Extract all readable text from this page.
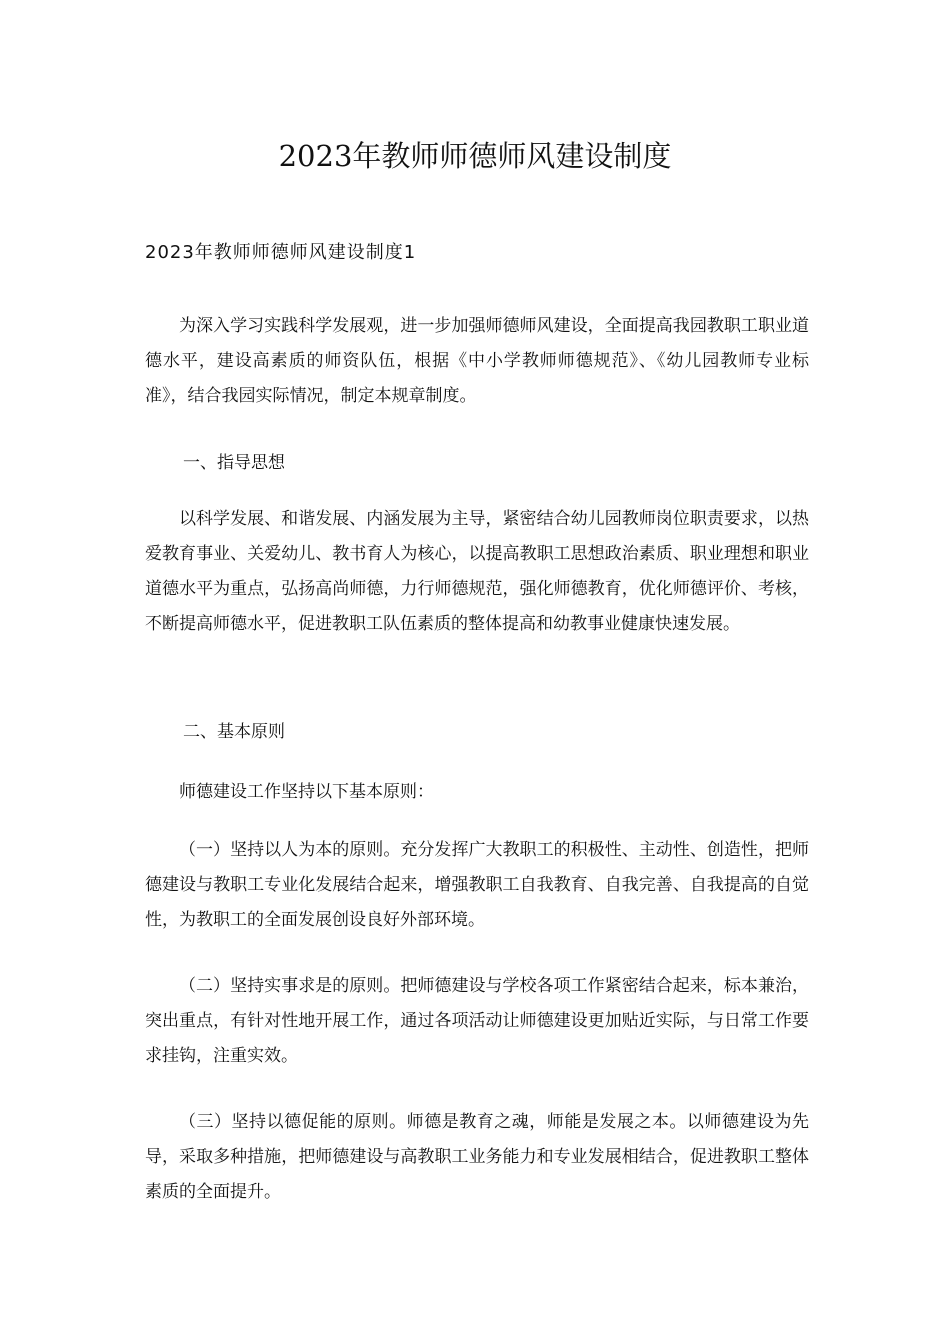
2023年教师师德师风建设制度
2023年教师师德师风建设制度1

为深入学习实践科学发展观，进一步加强师德师风建设，全面提高我园教职工职业道德水平，建设高素质的师资队伍，根据《中小学教师师德规范》、《幼儿园教师专业标准》，结合我园实际情况，制定本规章制度。

一、指导思想

以科学发展、和谐发展、内涵发展为主导，紧密结合幼儿园教师岗位职责要求，以热爱教育事业、关爱幼儿、教书育人为核心，以提高教职工思想政治素质、职业理想和职业道德水平为重点，弘扬高尚师德，力行师德规范，强化师德教育，优化师德评价、考核，不断提高师德水平，促进教职工队伍素质的整体提高和幼教事业健康快速发展。

二、基本原则

师德建设工作坚持以下基本原则：

（一）坚持以人为本的原则。充分发挥广大教职工的积极性、主动性、创造性，把师德建设与教职工专业化发展结合起来，增强教职工自我教育、自我完善、自我提高的自觉性，为教职工的全面发展创设良好外部环境。

（二）坚持实事求是的原则。把师德建设与学校各项工作紧密结合起来，标本兼治，突出重点，有针对性地开展工作，通过各项活动让师德建设更加贴近实际，与日常工作要求挂钩，注重实效。

（三）坚持以德促能的原则。师德是教育之魂，师能是发展之本。以师德建设为先导，采取多种措施，把师德建设与高教职工业务能力和专业发展相结合，促进教职工整体素质的全面提升。
